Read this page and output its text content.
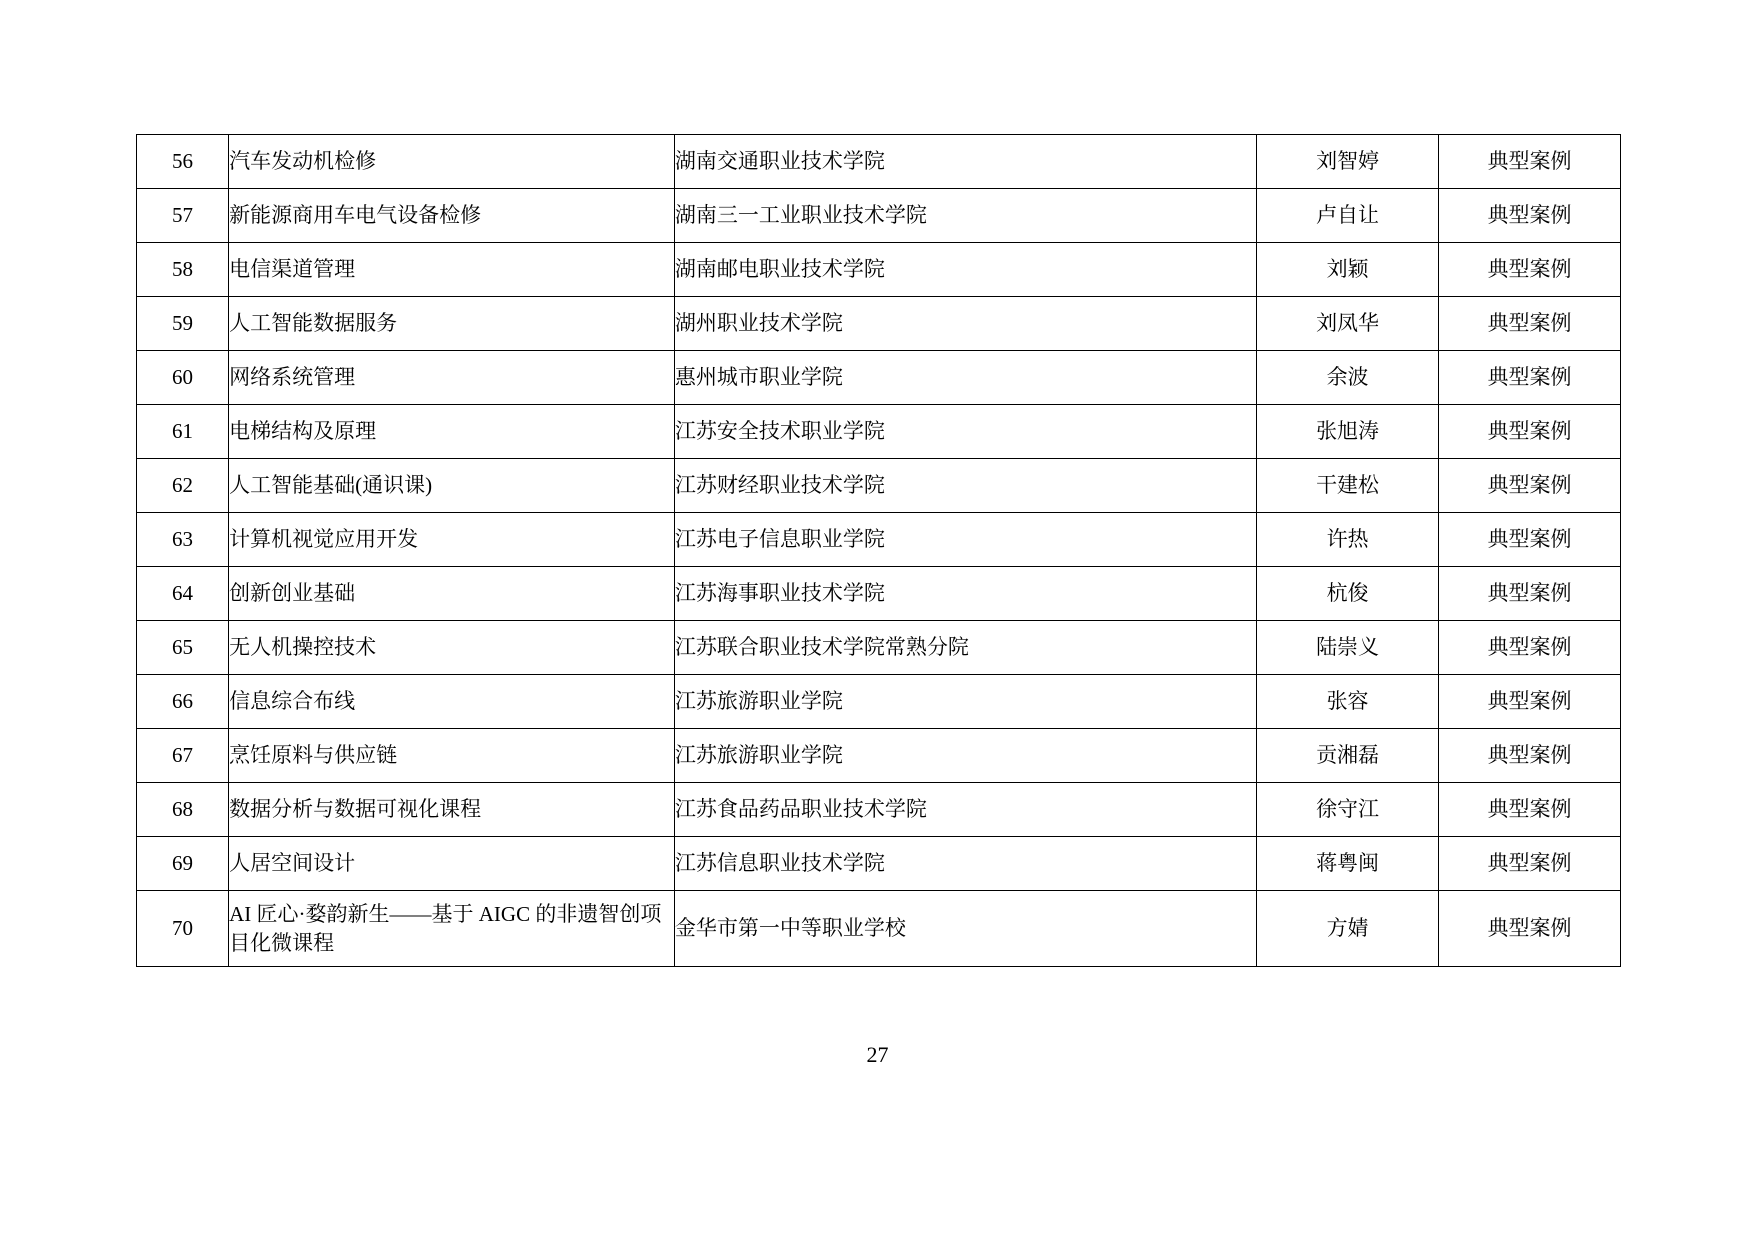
56	汽车发动机检修	湖南交通职业技术学院	刘智婷	典型案例
57	新能源商用车电气设备检修	湖南三一工业职业技术学院	卢自让	典型案例
58	电信渠道管理	湖南邮电职业技术学院	刘颖	典型案例
59	人工智能数据服务	湖州职业技术学院	刘凤华	典型案例
60	网络系统管理	惠州城市职业学院	余波	典型案例
61	电梯结构及原理	江苏安全技术职业学院	张旭涛	典型案例
62	人工智能基础(通识课)	江苏财经职业技术学院	干建松	典型案例
63	计算机视觉应用开发	江苏电子信息职业学院	许热	典型案例
64	创新创业基础	江苏海事职业技术学院	杭俊	典型案例
65	无人机操控技术	江苏联合职业技术学院常熟分院	陆崇义	典型案例
66	信息综合布线	江苏旅游职业学院	张容	典型案例
67	烹饪原料与供应链	江苏旅游职业学院	贡湘磊	典型案例
68	数据分析与数据可视化课程	江苏食品药品职业技术学院	徐守江	典型案例
69	人居空间设计	江苏信息职业技术学院	蒋粤闽	典型案例
70	AI 匠心·婺韵新生——基于 AIGC 的非遗智创项目化微课程	金华市第一中等职业学校	方婧	典型案例
27
